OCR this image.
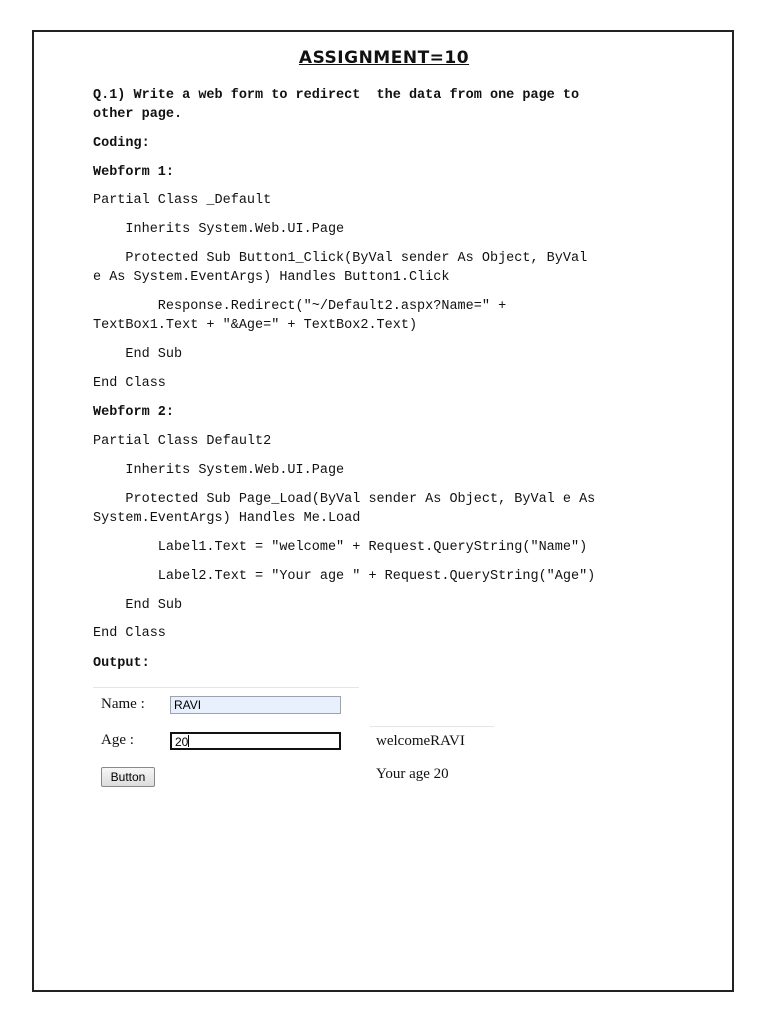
ASSIGNMENT=10
Q.1) Write a web form to redirect  the data from one page to
other page.
Coding:
Webform 1:
Partial Class _Default
Inherits System.Web.UI.Page
Protected Sub Button1_Click(ByVal sender As Object, ByVal
e As System.EventArgs) Handles Button1.Click
Response.Redirect("~/Default2.aspx?Name=" +
TextBox1.Text + "&Age=" + TextBox2.Text)
End Sub
End Class
Webform 2:
Partial Class Default2
Inherits System.Web.UI.Page
Protected Sub Page_Load(ByVal sender As Object, ByVal e As
System.EventArgs) Handles Me.Load
Label1.Text = "welcome" + Request.QueryString("Name")
Label2.Text = "Your age " + Request.QueryString("Age")
End Sub
End Class
Output:
Name :	RAVI
Age :	20
Button
welcomeRAVI
Your age 20
